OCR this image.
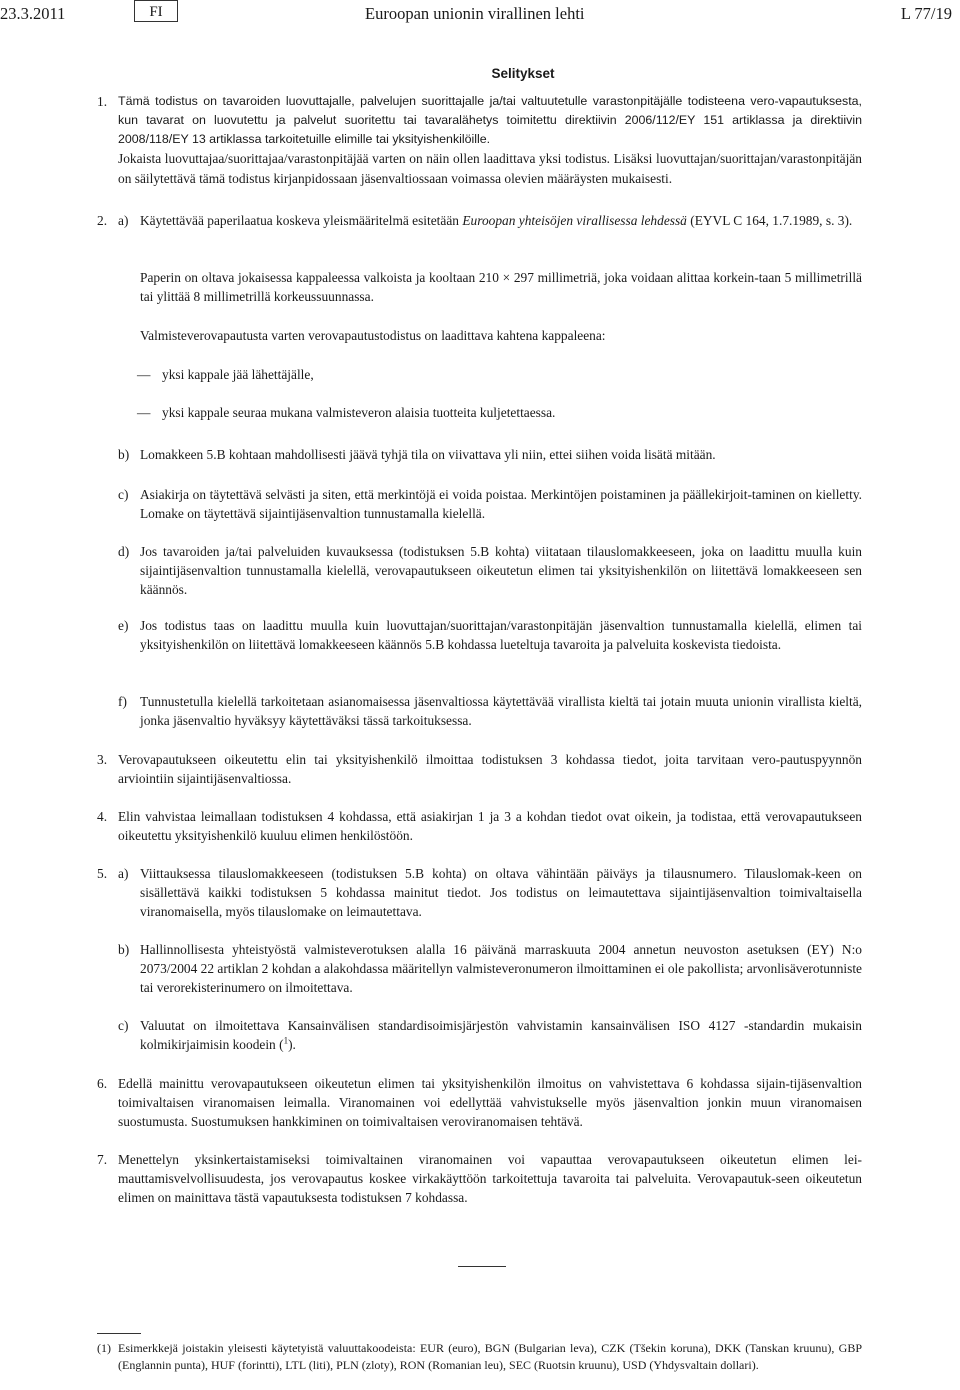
23.3.2011	FI	Euroopan unionin virallinen lehti	L 77/19
Selitykset
1. Tämä todistus on tavaroiden luovuttajalle, palvelujen suorittajalle ja/tai valtuutetulle varastonpitäjälle todisteena vero-vapautuksesta, kun tavarat on luovutettu ja palvelut suoritettu tai tavaralähetys toimitettu direktiivin 2006/112/EY 151 artiklassa ja direktiivin 2008/118/EY 13 artiklassa tarkoitetuille elimille tai yksityishenkilöille.

Jokaista luovuttajaa/suorittajaa/varastonpitäjää varten on näin ollen laadittava yksi todistus. Lisäksi luovuttajan/suorittajan/varastonpitäjän on säilytettävä tämä todistus kirjanpidossaan jäsenvaltiossaan voimassa olevien määräysten mukaisesti.

2. a) Käytettävää paperilaatua koskeva yleismääritelmä esitetään Euroopan yhteisöjen virallisessa lehdessä (EYVL C 164, 1.7.1989, s. 3).

Paperin on oltava jokaisessa kappaleessa valkoista ja kooltaan 210 × 297 millimetriä, joka voidaan alittaa korkein-taan 5 millimetrillä tai ylittää 8 millimetrillä korkeussuunnassa.

Valmisteverovapautusta varten verovapautustodistus on laadittava kahtena kappaleena:

— yksi kappale jää lähettäjälle,

— yksi kappale seuraa mukana valmisteveron alaisia tuotteita kuljetettaessa.

b) Lomakkeen 5.B kohtaan mahdollisesti jäävä tyhjä tila on viivattava yli niin, ettei siihen voida lisätä mitään.

c) Asiakirja on täytettävä selvästi ja siten, että merkintöjä ei voida poistaa. Merkintöjen poistaminen ja päällekirjoit-taminen on kielletty. Lomake on täytettävä sijaintijäsenvaltion tunnustamalla kielellä.

d) Jos tavaroiden ja/tai palveluiden kuvauksessa (todistuksen 5.B kohta) viitataan tilauslomakkeeseen, joka on laadittu muulla kuin sijaintijäsenvaltion tunnustamalla kielellä, verovapautukseen oikeutetun elimen tai yksityishenkilön on liitettävä lomakkeeseen sen käännös.

e) Jos todistus taas on laadittu muulla kuin luovuttajan/suorittajan/varastonpitäjän jäsenvaltion tunnustamalla kielellä, elimen tai yksityishenkilön on liitettävä lomakkeeseen käännös 5.B kohdassa lueteltuja tavaroita ja palveluita koskevista tiedoista.

f) Tunnustetulla kielellä tarkoitetaan asianomaisessa jäsenvaltiossa käytettävää virallista kieltä tai jotain muuta unionin virallista kieltä, jonka jäsenvaltio hyväksyy käytettäväksi tässä tarkoituksessa.

3. Verovapautukseen oikeutettu elin tai yksityishenkilö ilmoittaa todistuksen 3 kohdassa tiedot, joita tarvitaan vero-pautuspyynnön arviointiin sijaintijäsenvaltiossa.

4. Elin vahvistaa leimallaan todistuksen 4 kohdassa, että asiakirjan 1 ja 3 a kohdan tiedot ovat oikein, ja todistaa, että verovapautukseen oikeutettu yksityishenkilö kuuluu elimen henkilöstöön.

5. a) Viittauksessa tilauslomakkeeseen (todistuksen 5.B kohta) on oltava vähintään päiväys ja tilausnumero. Tilauslomak-keen on sisällettävä kaikki todistuksen 5 kohdassa mainitut tiedot. Jos todistus on leimautettava sijaintijäsenvaltion toimivaltaisella viranomaisella, myös tilauslomake on leimautettava.

b) Hallinnollisesta yhteistyöstä valmisteverotuksen alalla 16 päivänä marraskuuta 2004 annetun neuvoston asetuksen (EY) N:o 2073/2004 22 artiklan 2 kohdan a alakohdassa määritellyn valmisteveronumeron ilmoittaminen ei ole pakollista; arvonlisäverotunniste tai verorekisterinumero on ilmoitettava.

c) Valuutat on ilmoitettava Kansainvälisen standardisoimisjärjestön vahvistamin kansainvälisen ISO 4127 -standardin mukaisin kolmikirjaimisin koodein ($^1$).

6. Edellä mainittu verovapautukseen oikeutetun elimen tai yksityishenkilön ilmoitus on vahvistettava 6 kohdassa sijain-tijäsenvaltion toimivaltaisen viranomaisen leimalla. Viranomainen voi edellyttää vahvistukselle myös jäsenvaltion jonkin muun viranomaisen suostumusta. Suostumuksen hankkiminen on toimivaltaisen veroviranomaisen tehtävä.

7. Menettelyn yksinkertaistamiseksi toimivaltainen viranomainen voi vapauttaa verovapautukseen oikeutetun elimen lei-mauttamisvelvollisuudesta, jos verovapautus koskee virkakäyttöön tarkoitettuja tavaroita tai palveluita. Verovapautuk-seen oikeutetun elimen on mainittava tästä vapautuksesta todistuksen 7 kohdassa.

(1) Esimerkkejä joistakin yleisesti käytetyistä valuuttakoodeista: EUR (euro), BGN (Bulgarian leva), CZK (Tšekin koruna), DKK (Tanskan kruunu), GBP (Englannin punta), HUF (forintti), LTL (liti), PLN (zloty), RON (Romanian leu), SEC (Ruotsin kruunu), USD (Yhdysvaltain dollari).
